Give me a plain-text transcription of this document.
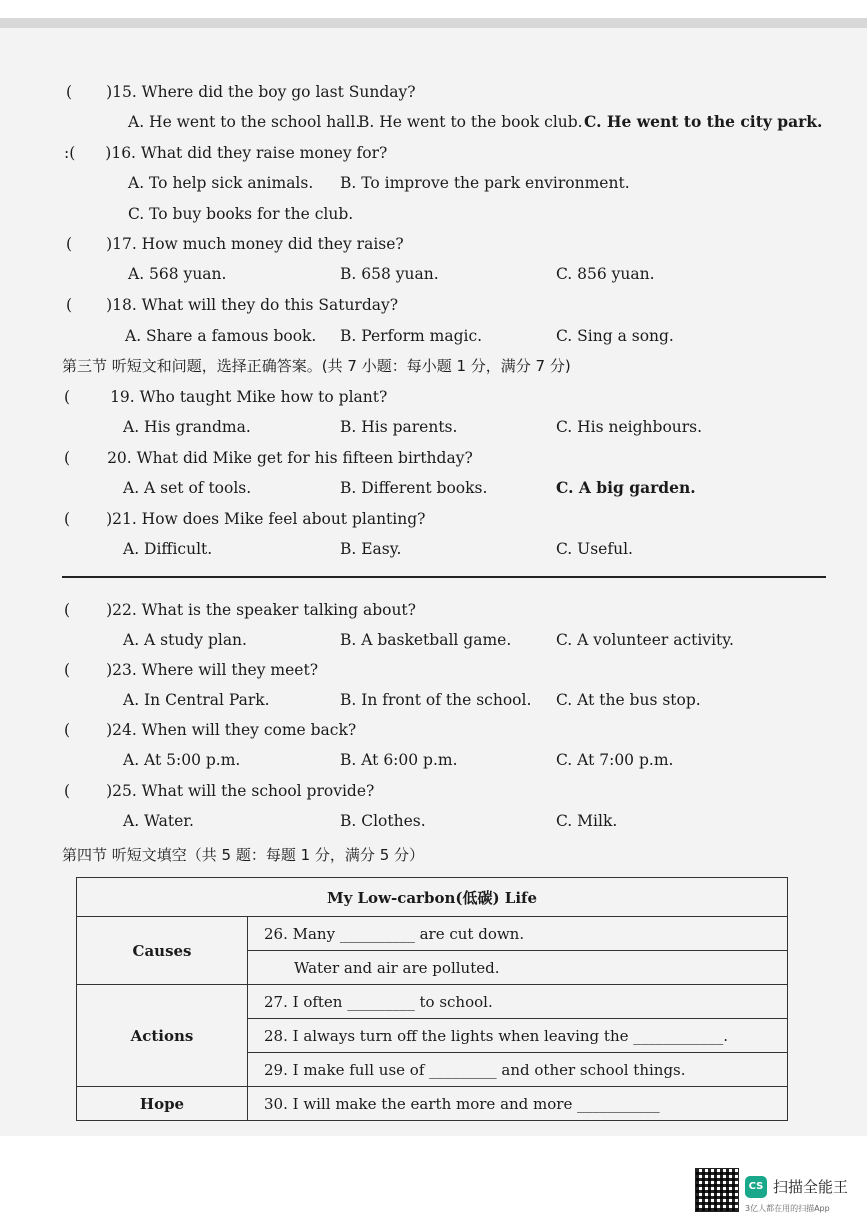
( )15. Where did the boy go last Sunday?
A. He went to the school hall.
B. He went to the book club. C. He went to the city park.
:( )16. What did they raise money for?
A. To help sick animals. B. To improve the park environment.
C. To buy books for the club.
( )17. How much money did they raise?
A. 568 yuan.	B. 658 yuan.	C. 856 yuan.
( )18. What will they do this Saturday?
A. Share a famous book. B. Perform magic.	C. Sing a song.
第三节 听短文和问题，选择正确答案。(共 7 小题：每小题 1 分，满分 7 分)
(	19. Who taught Mike how to plant?
A. His grandma.	B. His parents.	C. His neighbours.
( 20. What did Mike get for his fifteen birthday?
A. A set of tools.	B. Different books.	C. A big garden.
( )21. How does Mike feel about planting?
A. Difficult.	B. Easy.	C. Useful.
( )22. What is the speaker talking about?
A. A study plan.	B. A basketball game.	C. A volunteer activity.
( )23. Where will they meet?
A. In Central Park.	B. In front of the school. C. At the bus stop.
( )24. When will they come back?
A. At 5:00 p.m.	B. At 6:00 p.m.	C. At 7:00 p.m.
( )25. What will the school provide?
A. Water.	B. Clothes.	C. Milk.
第四节 听短文填空（共 5 题：每题 1 分，满分 5 分）
My Low-carbon(低碳) Life	
Causes	26. Many __________ are cut down.
	Water and air are polluted.
Actions	27. I often _________ to school.
	28. I always turn off the lights when leaving the ____________.
	29. I make full use of _________ and other school things.
Hope	30. I will make the earth more and more ___________
CS 扫描全能王
3亿人都在用的扫描App
